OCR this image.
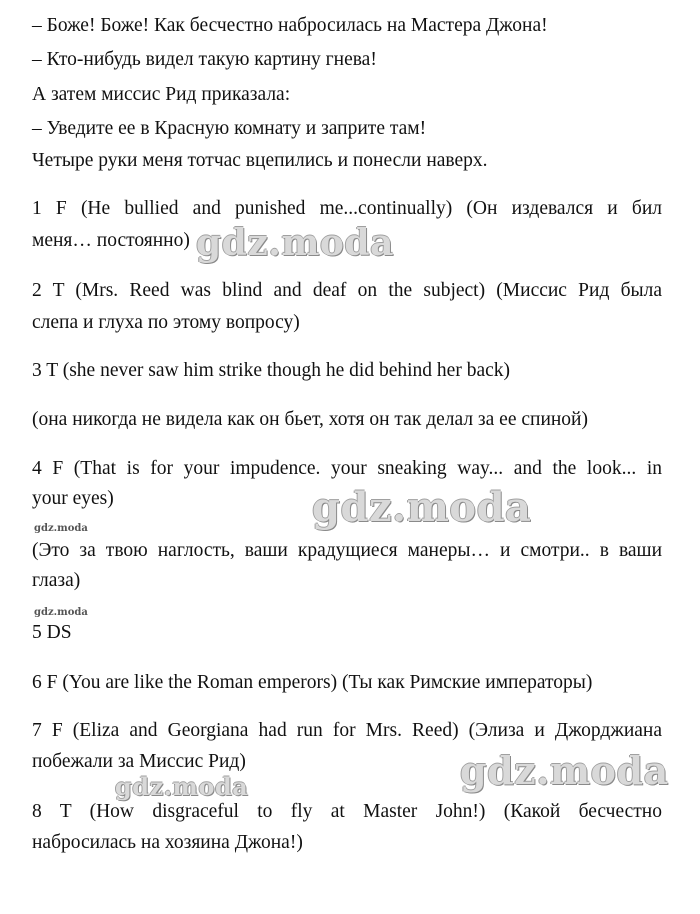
– Боже! Боже! Как бесчестно набросилась на Мастера Джона!
– Кто-нибудь видел такую картину гнева!
А затем миссис Рид приказала:
– Уведите ее в Красную комнату и заприте там!
Четыре руки меня тотчас вцепились и понесли наверх.
1 F (He bullied and punished me...continually) (Он издевался и бил
меня… постоянно)
2 T (Mrs. Reed was blind and deaf on the subject) (Миссис Рид была
слепа и глуха по этому вопросу)
3 T (she never saw him strike though he did behind her back)
(она никогда не видела как он бьет, хотя он так делал за ее спиной)
4 F (That is for your impudence. your sneaking way... and the look... in
your eyes)
(Это за твою наглость, ваши крадущиеся манеры… и смотри.. в ваши
глаза)
5 DS
6 F (You are like the Roman emperors) (Ты как Римские императоры)
7 F (Eliza and Georgiana had run for Mrs. Reed) (Элиза и Джорджиана
побежали за Миссис Рид)
8 T (How disgraceful to fly at Master John!) (Какой бесчестно
набросилась на хозяина Джона!)
gdz.moda
gdz.moda
gdz.moda
gdz.moda
gdz.moda
gdz.moda
